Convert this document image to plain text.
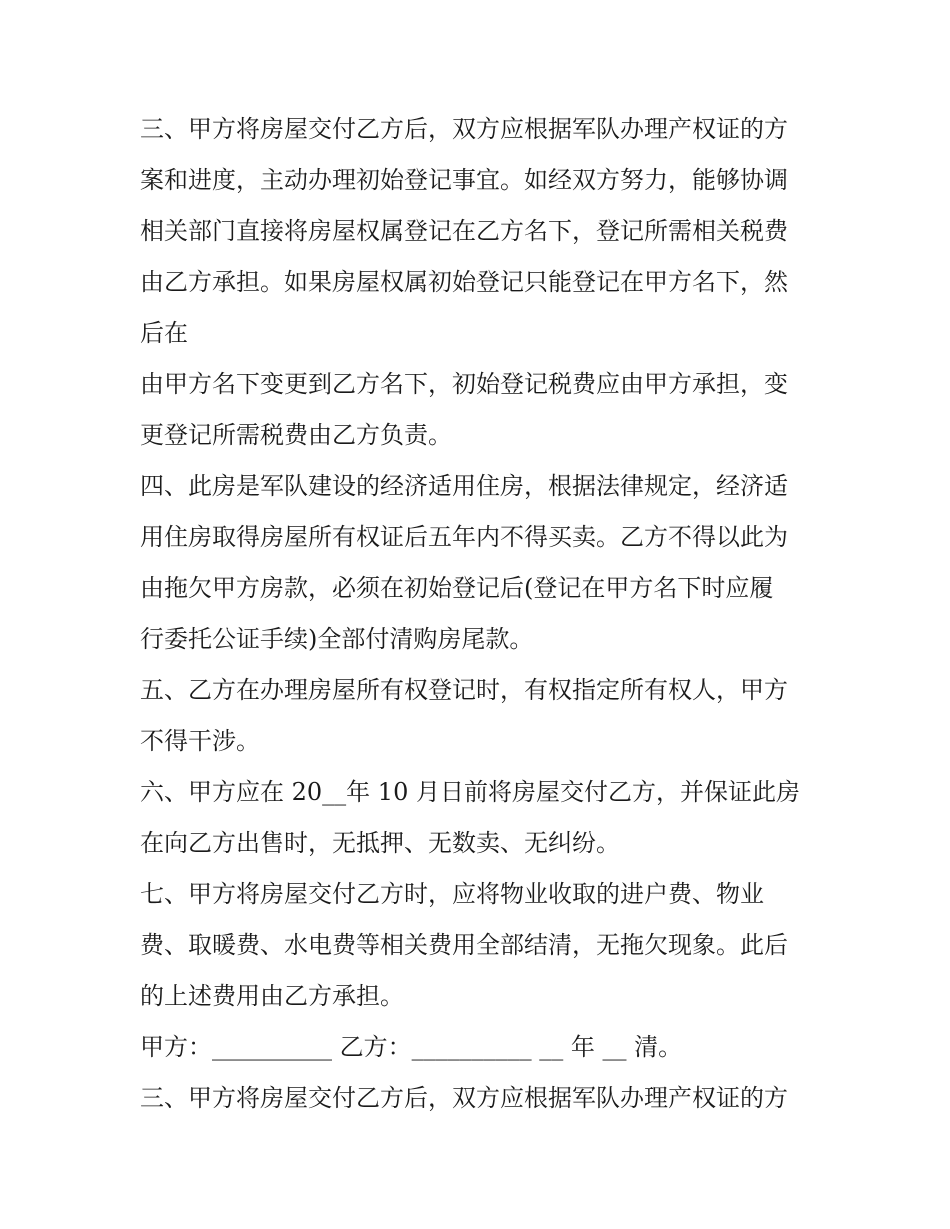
三、甲方将房屋交付乙方后，双方应根据军队办理产权证的方
案和进度，主动办理初始登记事宜。如经双方努力，能够协调
相关部门直接将房屋权属登记在乙方名下，登记所需相关税费
由乙方承担。如果房屋权属初始登记只能登记在甲方名下，然
后在
由甲方名下变更到乙方名下，初始登记税费应由甲方承担，变
更登记所需税费由乙方负责。
四、此房是军队建设的经济适用住房，根据法律规定，经济适
用住房取得房屋所有权证后五年内不得买卖。乙方不得以此为
由拖欠甲方房款，必须在初始登记后(登记在甲方名下时应履
行委托公证手续)全部付清购房尾款。
五、乙方在办理房屋所有权登记时，有权指定所有权人，甲方
不得干涉。
六、甲方应在 20__年 10 月日前将房屋交付乙方，并保证此房
在向乙方出售时，无抵押、无数卖、无纠纷。
七、甲方将房屋交付乙方时，应将物业收取的进户费、物业
费、取暖费、水电费等相关费用全部结清，无拖欠现象。此后
的上述费用由乙方承担。
甲方：__________ 乙方：__________ __ 年 __ 清。
三、甲方将房屋交付乙方后，双方应根据军队办理产权证的方
